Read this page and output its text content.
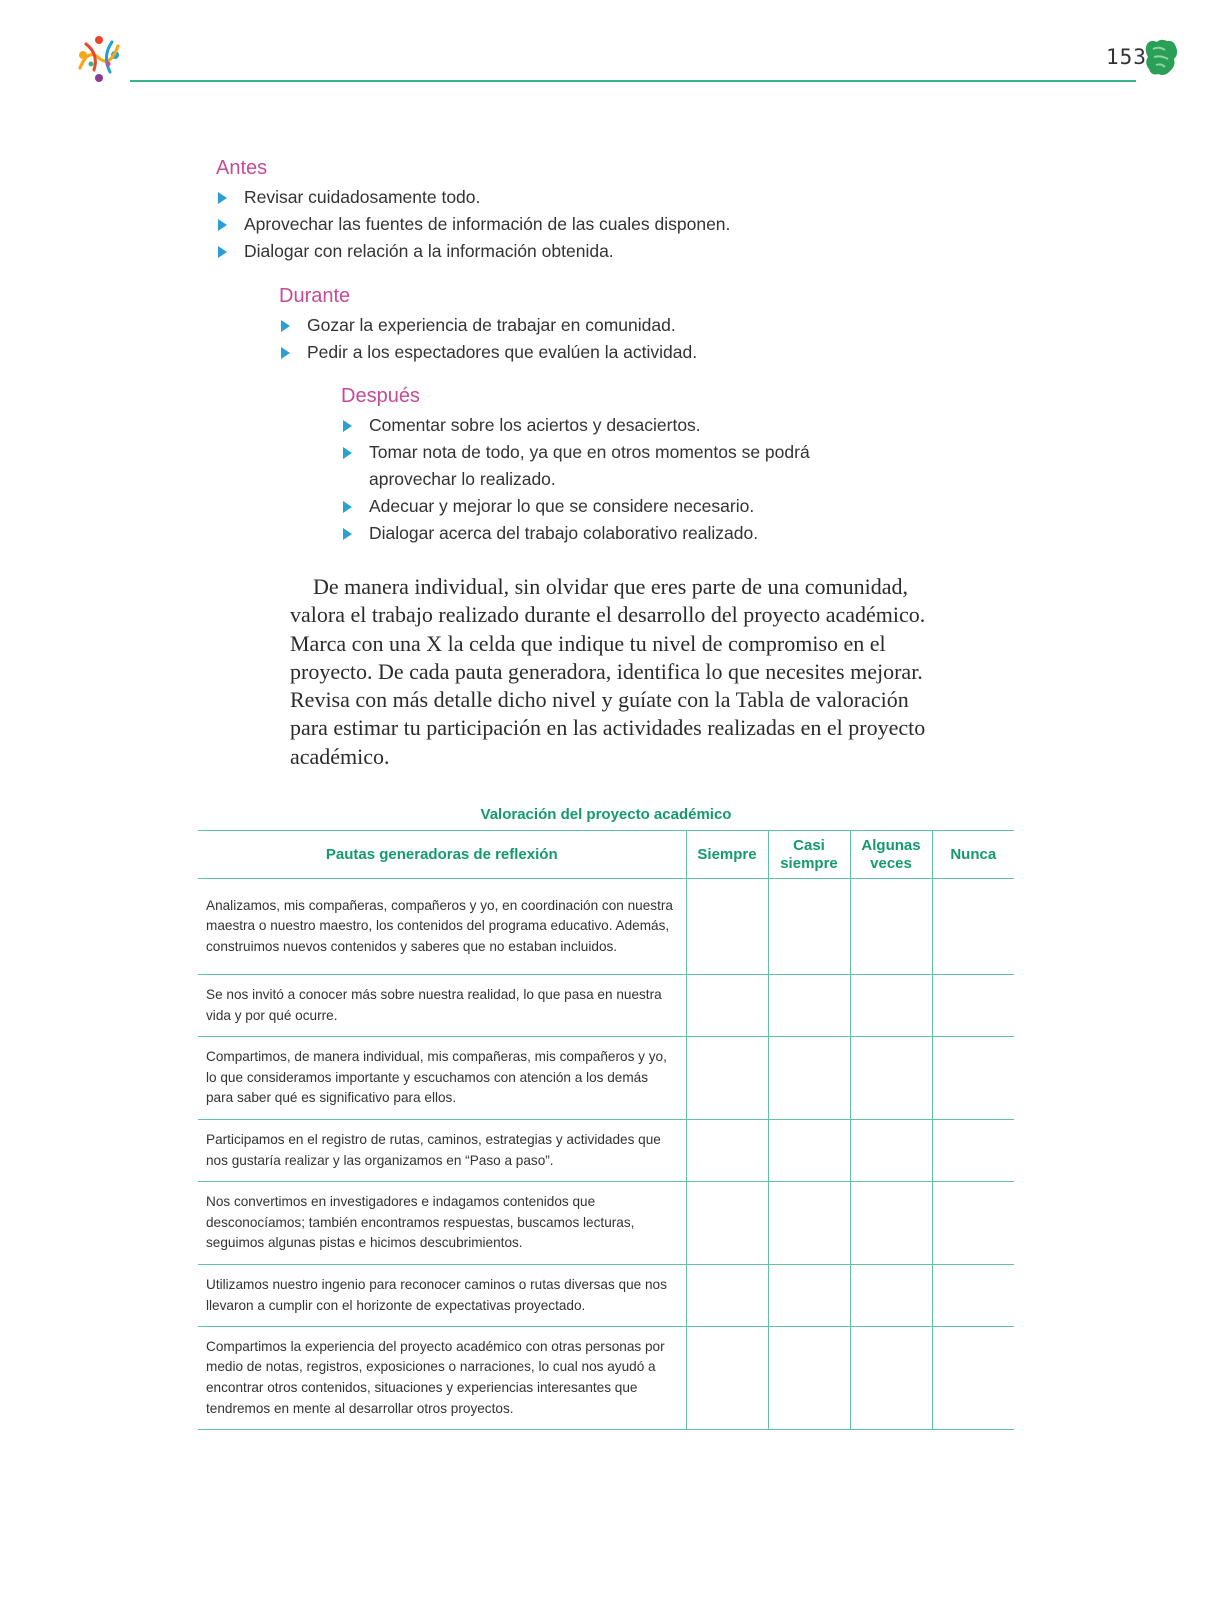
153
Antes
Revisar cuidadosamente todo.
Aprovechar las fuentes de información de las cuales disponen.
Dialogar con relación a la información obtenida.
Durante
Gozar la experiencia de trabajar en comunidad.
Pedir a los espectadores que evalúen la actividad.
Después
Comentar sobre los aciertos y desaciertos.
Tomar nota de todo, ya que en otros momentos se podrá aprovechar lo realizado.
Adecuar y mejorar lo que se considere necesario.
Dialogar acerca del trabajo colaborativo realizado.

De manera individual, sin olvidar que eres parte de una comunidad, valora el trabajo realizado durante el desarrollo del proyecto académico. Marca con una X la celda que indique tu nivel de compromiso en el proyecto. De cada pauta generadora, identifica lo que necesites mejorar. Revisa con más detalle dicho nivel y guíate con la Tabla de valoración para estimar tu participación en las actividades realizadas en el proyecto académico.

Valoración del proyecto académico
Pautas generadoras de reflexión	Siempre	Casi siempre	Algunas veces	Nunca
Analizamos, mis compañeras, compañeros y yo, en coordinación con nuestra maestra o nuestro maestro, los contenidos del programa educativo. Además, construimos nuevos contenidos y saberes que no estaban incluidos.				
Se nos invitó a conocer más sobre nuestra realidad, lo que pasa en nuestra vida y por qué ocurre.				
Compartimos, de manera individual, mis compañeras, mis compañeros y yo, lo que consideramos importante y escuchamos con atención a los demás para saber qué es significativo para ellos.				
Participamos en el registro de rutas, caminos, estrategias y actividades que nos gustaría realizar y las organizamos en “Paso a paso”.				
Nos convertimos en investigadores e indagamos contenidos que desconocíamos; también encontramos respuestas, buscamos lecturas, seguimos algunas pistas e hicimos descubrimientos.				
Utilizamos nuestro ingenio para reconocer caminos o rutas diversas que nos llevaron a cumplir con el horizonte de expectativas proyectado.				
Compartimos la experiencia del proyecto académico con otras personas por medio de notas, registros, exposiciones o narraciones, lo cual nos ayudó a encontrar otros contenidos, situaciones y experiencias interesantes que tendremos en mente al desarrollar otros proyectos.				
